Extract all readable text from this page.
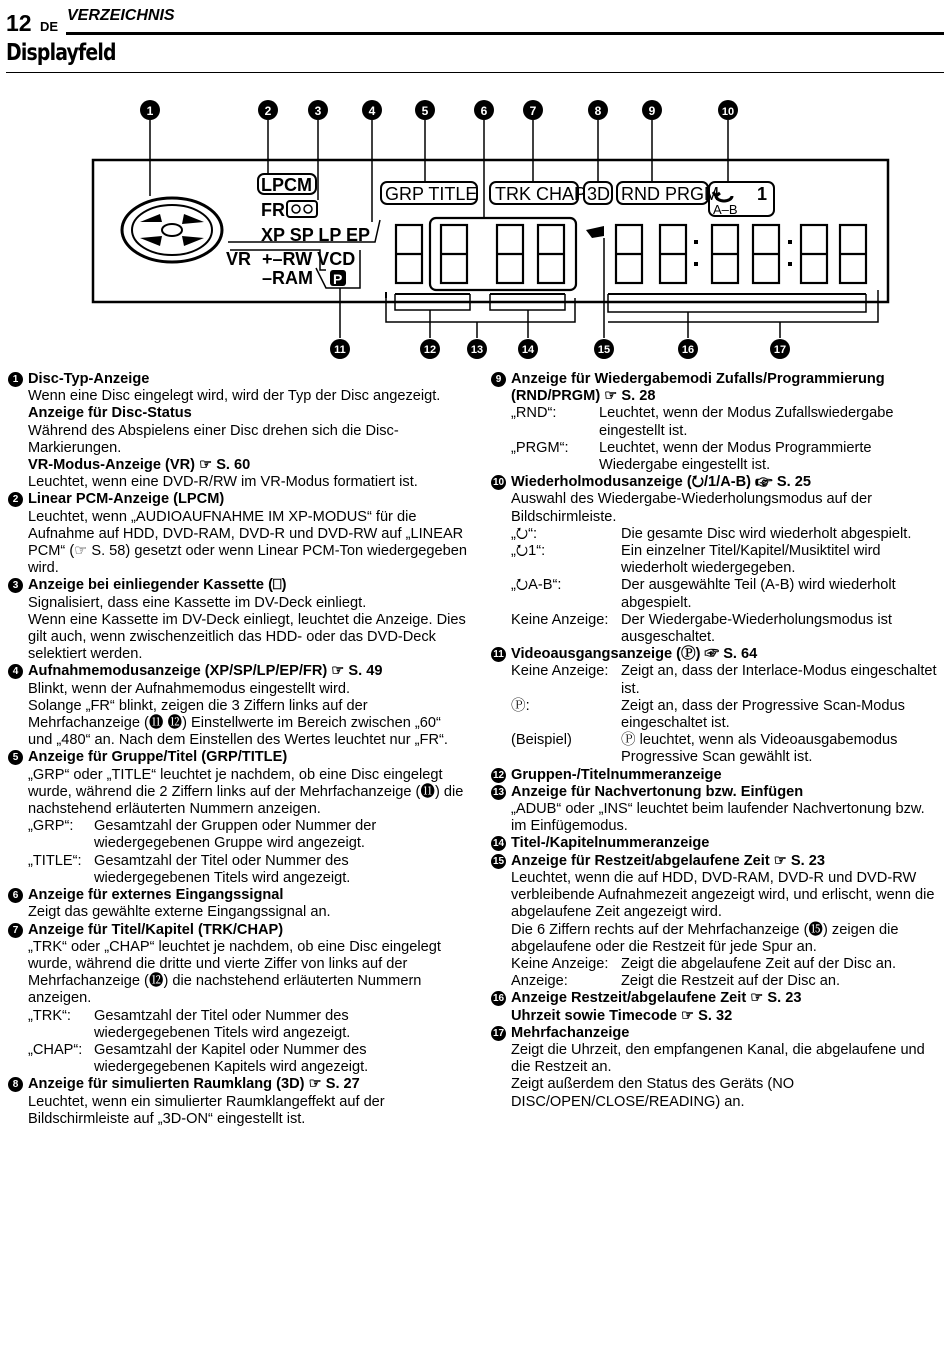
12 DE
VERZEICHNIS
Displayfeld
LPCM
FR
XP SP LP EP
VR +–RW VCD
–RAM P
GRP TITLE TRK CHAP 3D RND PRGM 1
A–B
1	2	3	4	5	6	7	8	9	10
11	12	13	14	15	16	17
1 Disc-Typ-Anzeige
Wenn eine Disc eingelegt wird, wird der Typ der Disc angezeigt.
Anzeige für Disc-Status
Während des Abspielens einer Disc drehen sich die Disc-Markierungen.
VR-Modus-Anzeige (VR) ☞ S. 60
Leuchtet, wenn eine DVD-R/RW im VR-Modus formatiert ist.
2 Linear PCM-Anzeige (LPCM)
Leuchtet, wenn „AUDIOAUFNAHME IM XP-MODUS“ für die Aufnahme auf HDD, DVD-RAM, DVD-R und DVD-RW auf „LINEAR PCM“ (☞ S. 58) gesetzt oder wenn Linear PCM-Ton wiedergegeben wird.
3 Anzeige bei einliegender Kassette (⎕)
Signalisiert, dass eine Kassette im DV-Deck einliegt.
Wenn eine Kassette im DV-Deck einliegt, leuchtet die Anzeige. Dies gilt auch, wenn zwischenzeitlich das HDD- oder das DVD-Deck selektiert werden.
4 Aufnahmemodusanzeige (XP/SP/LP/EP/FR) ☞ S. 49
Blinkt, wenn der Aufnahmemodus eingestellt wird.
Solange „FR“ blinkt, zeigen die 3 Ziffern links auf der Mehrfachanzeige (⓫ ⓬) Einstellwerte im Bereich zwischen „60“ und „480“ an. Nach dem Einstellen des Wertes leuchtet nur „FR“.
5 Anzeige für Gruppe/Titel (GRP/TITLE)
„GRP“ oder „TITLE“ leuchtet je nachdem, ob eine Disc eingelegt wurde, während die 2 Ziffern links auf der Mehrfachanzeige (⓫) die nachstehend erläuterten Nummern anzeigen.
„GRP“:	Gesamtzahl der Gruppen oder Nummer der wiedergegebenen Gruppe wird angezeigt.
„TITLE“: Gesamtzahl der Titel oder Nummer des wiedergegebenen Titels wird angezeigt.
6 Anzeige für externes Eingangssignal
Zeigt das gewählte externe Eingangssignal an.
7 Anzeige für Titel/Kapitel (TRK/CHAP)
„TRK“ oder „CHAP“ leuchtet je nachdem, ob eine Disc eingelegt wurde, während die dritte und vierte Ziffer von links auf der Mehrfachanzeige (⓬) die nachstehend erläuterten Nummern anzeigen.
„TRK“:	Gesamtzahl der Titel oder Nummer des wiedergegebenen Titels wird angezeigt.
„CHAP“: Gesamtzahl der Kapitel oder Nummer des wiedergegebenen Kapitels wird angezeigt.
8 Anzeige für simulierten Raumklang (3D) ☞ S. 27
Leuchtet, wenn ein simulierter Raumklangeffekt auf der Bildschirmleiste auf „3D-ON“ eingestellt ist.
9 Anzeige für Wiedergabemodi Zufalls/Programmierung (RND/PRGM) ☞ S. 28
„RND“:	Leuchtet, wenn der Modus Zufallswiedergabe eingestellt ist.
„PRGM“:	Leuchtet, wenn der Modus Programmierte Wiedergabe eingestellt ist.
10 Wiederholmodusanzeige (⭮/1/A-B) ☞ S. 25
Auswahl des Wiedergabe-Wiederholungsmodus auf der Bildschirmleiste.
„⭮“:	Die gesamte Disc wird wiederholt abgespielt.
„⭮1“:	Ein einzelner Titel/Kapitel/Musiktitel wird wiederholt wiedergegeben.
„⭮A-B“:	Der ausgewählte Teil (A-B) wird wiederholt abgespielt.
Keine Anzeige: Der Wiedergabe-Wiederholungsmodus ist ausgeschaltet.
11 Videoausgangsanzeige (Ⓟ) ☞ S. 64
Keine Anzeige: Zeigt an, dass der Interlace-Modus eingeschaltet ist.
Ⓟ:	Zeigt an, dass der Progressive Scan-Modus eingeschaltet ist.
(Beispiel)	Ⓟ leuchtet, wenn als Videoausgabemodus Progressive Scan gewählt ist.
12 Gruppen-/Titelnummeranzeige
13 Anzeige für Nachvertonung bzw. Einfügen
„ADUB“ oder „INS“ leuchtet beim laufender Nachvertonung bzw. im Einfügemodus.
14 Titel-/Kapitelnummeranzeige
15 Anzeige für Restzeit/abgelaufene Zeit ☞ S. 23
Leuchtet, wenn die auf HDD, DVD-RAM, DVD-R und DVD-RW verbleibende Aufnahmezeit angezeigt wird, und erlischt, wenn die abgelaufene Zeit angezeigt wird.
Die 6 Ziffern rechts auf der Mehrfachanzeige (⓯) zeigen die abgelaufene oder die Restzeit für jede Spur an.
Keine Anzeige: Zeigt die abgelaufene Zeit auf der Disc an.
Anzeige:	Zeigt die Restzeit auf der Disc an.
16 Anzeige Restzeit/abgelaufene Zeit ☞ S. 23
Uhrzeit sowie Timecode ☞ S. 32
17 Mehrfachanzeige
Zeigt die Uhrzeit, den empfangenen Kanal, die abgelaufene und die Restzeit an.
Zeigt außerdem den Status des Geräts (NO DISC/OPEN/CLOSE/READING) an.
